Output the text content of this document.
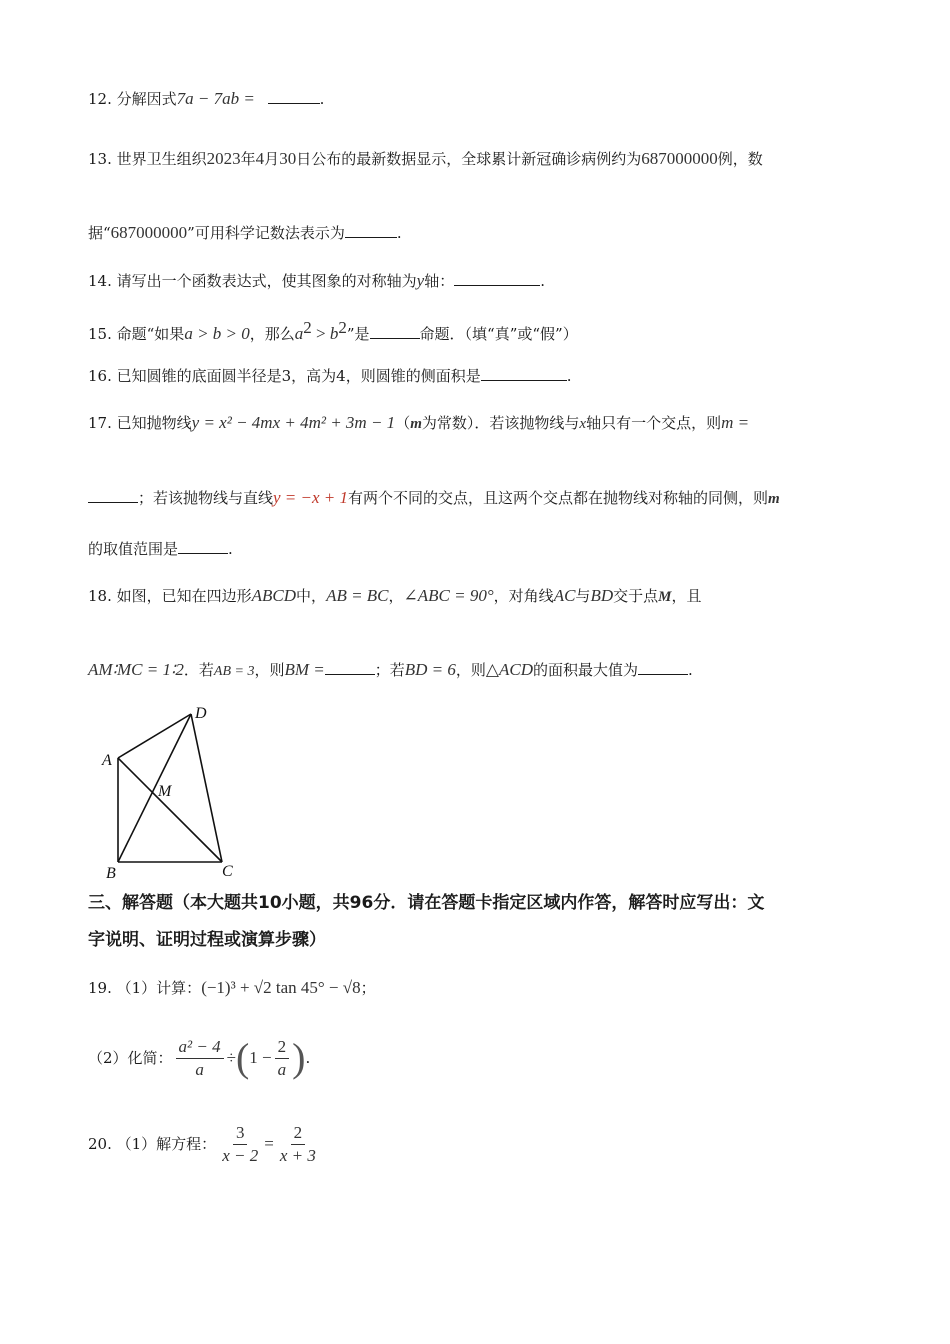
12. 分解因式7a − 7ab =	.
13. 世界卫生组织2023年4月30日公布的最新数据显示，全球累计新冠确诊病例约为687000000例，数
据“687000000”可用科学记数法表示为	.
14. 请写出一个函数表达式，使其图象的对称轴为y轴：	.
15. 命题“如果a > b > 0，那么$a^2 > b^2$”是	命题．（填“真”或“假”）
16. 已知圆锥的底面圆半径是3，高为4，则圆锥的侧面积是	.
17. 已知抛物线y = x² − 4mx + 4m² + 3m − 1（m为常数）．若该抛物线与x轴只有一个交点，则m =
；若该抛物线与直线y = −x + 1有两个不同的交点，且这两个交点都在抛物线对称轴的同侧，则m
的取值范围是	.
18. 如图，已知在四边形ABCD中，AB = BC，∠ABC = 90°，对角线AC与BD交于点M，且
AM∶MC = 1∶2．若AB = 3，则BM =	；若BD = 6，则△ACD的面积最大值为	.
D
A
M
B	C
三、解答题（本大题共10小题，共96分．请在答题卡指定区域内作答，解答时应写出：文
字说明、证明过程或演算步骤）
19. （1）计算：(−1)³ + √2 tan 45° − √8；
（2）化简： $\frac{\text{a² − 4}}{a}$ ÷ ( $1 - \frac{2}{a}$ ) .
20.
（1）解方程： $\frac{3}{x - 2} = \frac{2}{x + 3}$
